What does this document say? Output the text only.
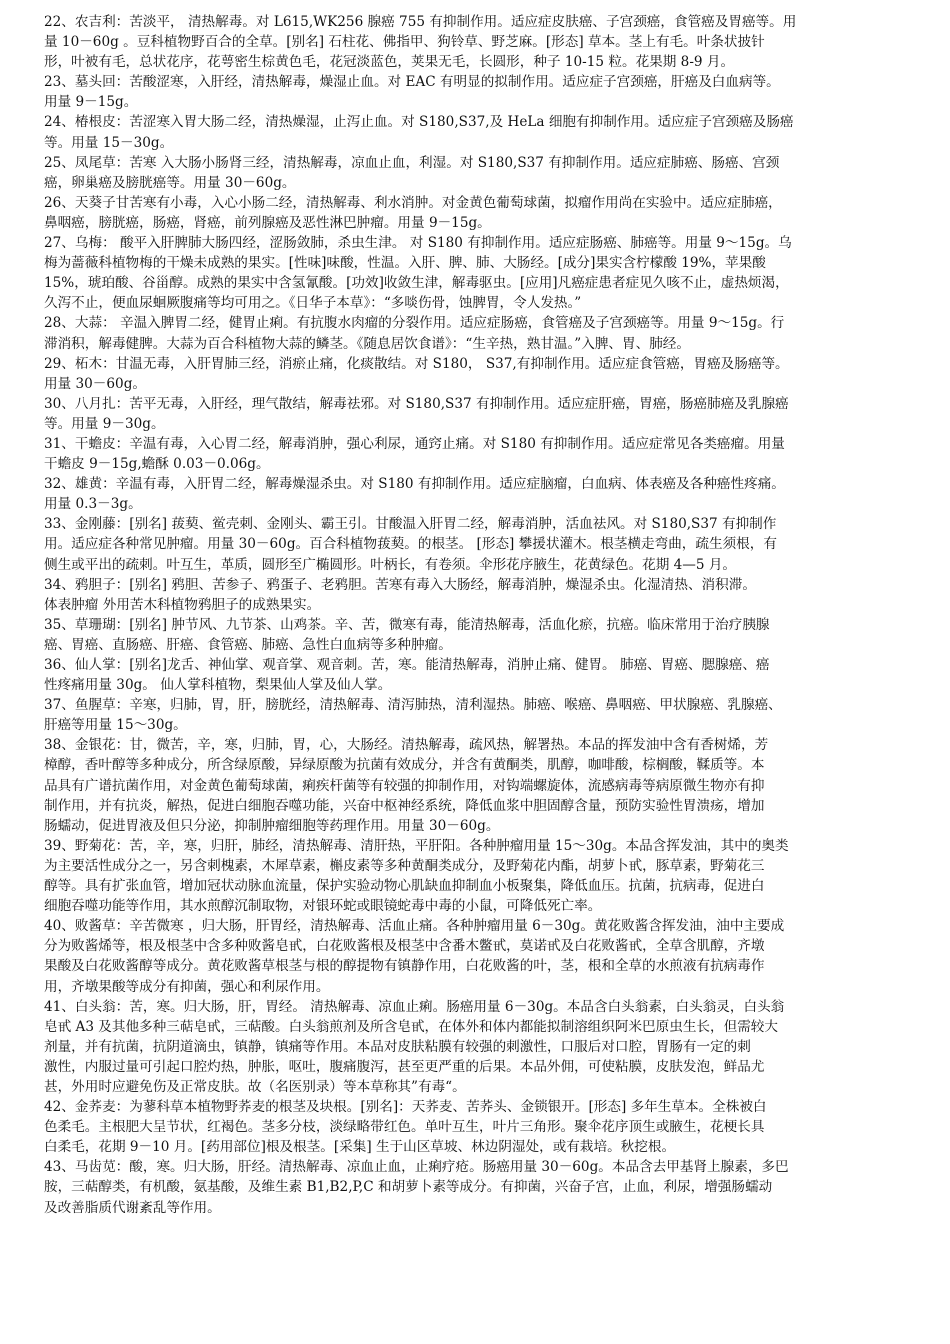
22、农吉利：苦淡平， 清热解毒。对 L615,WK256 腺癌 755 有抑制作用。适应症皮肤癌、子宫颈癌，食管癌及胃癌等。用
量 10－60g 。豆科植物野百合的全草。[别名] 石柱花、佛指甲、狗铃草、野芝麻。[形态] 草本。茎上有毛。叶条状披针
形，叶被有毛，总状花序，花萼密生棕黄色毛，花冠淡蓝色，荚果无毛，长圆形，种子 10-15 粒。花果期 8-9 月。
23、墓头回：苦酸涩寒，入肝经，清热解毒，燥湿止血。对 EAC 有明显的拟制作用。适应症子宫颈癌，肝癌及白血病等。
用量 9－15g。
24、椿根皮：苦涩寒入胃大肠二经，清热燥湿，止泻止血。对 S180,S37,及 HeLa 细胞有抑制作用。适应症子宫颈癌及肠癌
等。用量 15－30g。
25、凤尾草：苦寒 入大肠小肠肾三经，清热解毒，凉血止血，利湿。对 S180,S37 有抑制作用。适应症肺癌、肠癌、宫颈
癌，卵巢癌及膀胱癌等。用量 30－60g。
26、天葵子甘苦寒有小毒，入心小肠二经，清热解毒、利水消肿。对金黄色葡萄球菌，拟瘤作用尚在实验中。适应症肺癌，
鼻咽癌，膀胱癌，肠癌，肾癌，前列腺癌及恶性淋巴肿瘤。用量 9－15g。
27、乌梅： 酸平入肝脾肺大肠四经，涩肠敛肺，杀虫生津。 对 S180 有抑制作用。适应症肠癌、肺癌等。用量 9～15g。乌
梅为蔷薇科植物梅的干燥未成熟的果实。[性味]味酸，性温。入肝、脾、肺、大肠经。[成分]果实含柠檬酸 19%，苹果酸
15%，琥珀酸、谷甾醇。成熟的果实中含氢氰酸。[功效]收敛生津，解毒驱虫。[应用]凡癌症患者症见久咳不止，虚热烦渴，
久泻不止，便血尿蛔厥腹痛等均可用之。《日华子本草》：“多啖伤骨，蚀脾胃，令人发热。”
28、大蒜： 辛温入脾胃二经，健胃止痢。有抗腹水肉瘤的分裂作用。适应症肠癌，食管癌及子宫颈癌等。用量 9～15g。行
滞消积，解毒健脾。大蒜为百合科植物大蒜的鳞茎。《随息居饮食谱》：“生辛热，熟甘温。”入脾、胃、肺经。
29、柘木：甘温无毒，入肝胃肺三经，消瘀止痛，化痰散结。对 S180， S37,有抑制作用。适应症食管癌，胃癌及肠癌等。
用量 30－60g。
30、八月扎：苦平无毒，入肝经，理气散结，解毒祛邪。对 S180,S37 有抑制作用。适应症肝癌，胃癌，肠癌肺癌及乳腺癌
等。用量 9－30g。
31、干蟾皮：辛温有毒，入心胃二经，解毒消肿，强心利尿，通窍止痛。对 S180 有抑制作用。适应症常见各类癌瘤。用量
干蟾皮 9－15g,蟾酥 0.03－0.06g。
32、雄黄：辛温有毒，入肝胃二经，解毒燥湿杀虫。对 S180 有抑制作用。适应症脑瘤，白血病、体表癌及各种癌性疼痛。
用量 0.3－3g。
33、金刚藤：[别名] 菝葜、鲎壳刺、金刚头、霸王引。甘酸温入肝胃二经，解毒消肿，活血祛风。对 S180,S37 有抑制作
用。适应症各种常见肿瘤。用量 30－60g。百合科植物菝葜。的根茎。 [形态] 攀援状灌木。根茎横走弯曲，疏生须根，有
侧生或平出的疏刺。叶互生，革质，圆形至广椭圆形。叶柄长，有卷须。伞形花序腋生，花黄绿色。花期 4—5 月。
34、鸦胆子：[别名] 鸦胆、苦参子、鸦蛋子、老鸦胆。苦寒有毒入大肠经，解毒消肿，燥湿杀虫。化湿清热、消积滞。
体表肿瘤 外用苦木科植物鸦胆子的成熟果实。
35、草珊瑚：[别名] 肿节风、九节茶、山鸡茶。辛、苦，微寒有毒，能清热解毒，活血化瘀，抗癌。临床常用于治疗胰腺
癌、胃癌、直肠癌、肝癌、食管癌、肺癌、急性白血病等多种肿瘤。
36、仙人掌：[别名]龙舌、神仙掌、观音掌、观音刺。苦，寒。能清热解毒，消肿止痛、健胃。 肺癌、胃癌、腮腺癌、癌
性疼痛用量 30g。 仙人掌科植物，梨果仙人掌及仙人掌。
37、鱼腥草：辛寒，归肺，胃，肝，膀胱经，清热解毒、清泻肺热，清利湿热。肺癌、喉癌、鼻咽癌、甲状腺癌、乳腺癌、
肝癌等用量 15～30g。
38、金银花：甘，微苦，辛，寒，归肺，胃，心，大肠经。清热解毒，疏风热，解署热。本品的挥发油中含有香树烯，芳
樟醇，香叶醇等多种成分，所含绿原酸，异绿原酸为抗菌有效成分，并含有黄酮类，肌醇，咖啡酸，棕榈酸，鞣质等。本
品具有广谱抗菌作用，对金黄色葡萄球菌，痢疾杆菌等有较强的抑制作用，对钩端螺旋体，流感病毒等病原微生物亦有抑
制作用，并有抗炎，解热，促进白细胞吞噬功能，兴奋中枢神经系统，降低血浆中胆固醇含量，预防实验性胃溃疡，增加
肠蠕动，促进胃液及但只分泌，抑制肿瘤细胞等药理作用。用量 30－60g。
39、野菊花：苦，辛，寒，归肝，肺经，清热解毒、清肝热，平肝阳。各种肿瘤用量 15～30g。本品含挥发油，其中的奥类
为主要活性成分之一，另含刺槐素，木犀草素，槲皮素等多种黄酮类成分，及野菊花内酯，胡萝卜甙，豚草素，野菊花三
醇等。具有扩张血管，增加冠状动脉血流量，保护实验动物心肌缺血抑制血小板聚集，降低血压。抗菌，抗病毒，促进白
细胞吞噬功能等作用，其水煎醇沉制取物，对银环蛇或眼镜蛇毒中毒的小鼠，可降低死亡率。
40、败酱草：辛苦微寒 ，归大肠，肝胃经，清热解毒、活血止痛。各种肿瘤用量 6－30g。黄花败酱含挥发油，油中主要成
分为败酱烯等，根及根茎中含多种败酱皂甙，白花败酱根及根茎中含番木鳖甙，莫诺甙及白花败酱甙，全草含肌醇，齐墩
果酸及白花败酱醇等成分。黄花败酱草根茎与根的醇提物有镇静作用，白花败酱的叶，茎，根和全草的水煎液有抗病毒作
用，齐墩果酸等成分有抑菌，强心和利尿作用。
41、白头翁：苦，寒。归大肠，肝，胃经。 清热解毒、凉血止痢。肠癌用量 6－30g。本品含白头翁素，白头翁灵，白头翁
皂甙 A3 及其他多种三萜皂甙，三萜酸。白头翁煎剂及所含皂甙，在体外和体内都能拟制溶组织阿米巴原虫生长，但需较大
剂量，并有抗菌，抗阴道滴虫，镇静，镇痛等作用。本品对皮肤粘膜有较强的刺激性，口服后对口腔，胃肠有一定的刺
激性，内服过量可引起口腔灼热，肿胀，呕吐，腹痛腹泻，甚至更严重的后果。本品外佣，可使粘膜，皮肤发泡，鲜品尤
甚，外用时应避免伤及正常皮肤。故（名医别录）等本草称其”有毒“。
42、金荞麦：为蓼科草本植物野荞麦的根茎及块根。[别名]：天荞麦、苦荞头、金锁银开。[形态] 多年生草本。全株被白
色柔毛。主根肥大呈节状，红褐色。茎多分枝，淡绿略带红色。单叶互生，叶片三角形。聚伞花序顶生或腋生，花梗长具
白柔毛，花期 9－10 月。[药用部位]根及根茎。[采集] 生于山区草坡、林边阴湿处，或有栽培。秋挖根。
43、马齿苋：酸，寒。归大肠，肝经。清热解毒、凉血止血，止痢疗疮。肠癌用量 30－60g。本品含去甲基肾上腺素，多巴
胺，三萜醇类，有机酸，氨基酸，及维生素 B1,B2,P,C 和胡萝卜素等成分。有抑菌，兴奋子宫，止血，利尿，增强肠蠕动
及改善脂质代谢紊乱等作用。
